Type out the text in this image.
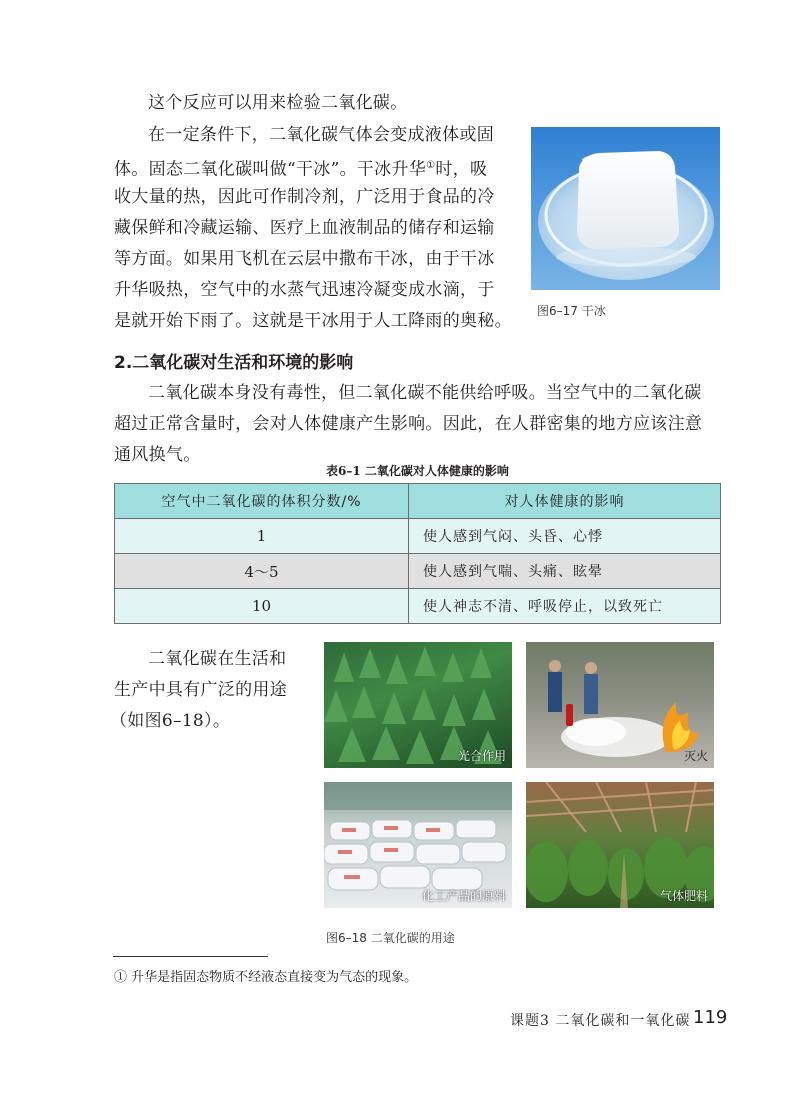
这个反应可以用来检验二氧化碳。
在一定条件下，二氧化碳气体会变成液体或固
体。固态二氧化碳叫做“干冰”。干冰升华①时，吸
收大量的热，因此可作制冷剂，广泛用于食品的冷
藏保鲜和冷藏运输、医疗上血液制品的储存和运输
等方面。如果用飞机在云层中撒布干冰，由于干冰
升华吸热，空气中的水蒸气迅速冷凝变成水滴，于
是就开始下雨了。这就是干冰用于人工降雨的奥秘。 图6–17 干冰
2.二氧化碳对生活和环境的影响
二氧化碳本身没有毒性，但二氧化碳不能供给呼吸。当空气中的二氧化碳
超过正常含量时，会对人体健康产生影响。因此，在人群密集的地方应该注意
通风换气。
表6–1 二氧化碳对人体健康的影响
空气中二氧化碳的体积分数/%	对人体健康的影响
1	使人感到气闷、头昏、心悸
4～5	使人感到气喘、头痛、眩晕
10	使人神志不清、呼吸停止，以致死亡
二氧化碳在生活和
生产中具有广泛的用途
（如图6–18）。
光合作用	灭火
化工产品的原料	气体肥料
图6–18 二氧化碳的用途
① 升华是指固态物质不经液态直接变为气态的现象。
课题3 二氧化碳和一氧化碳 119
